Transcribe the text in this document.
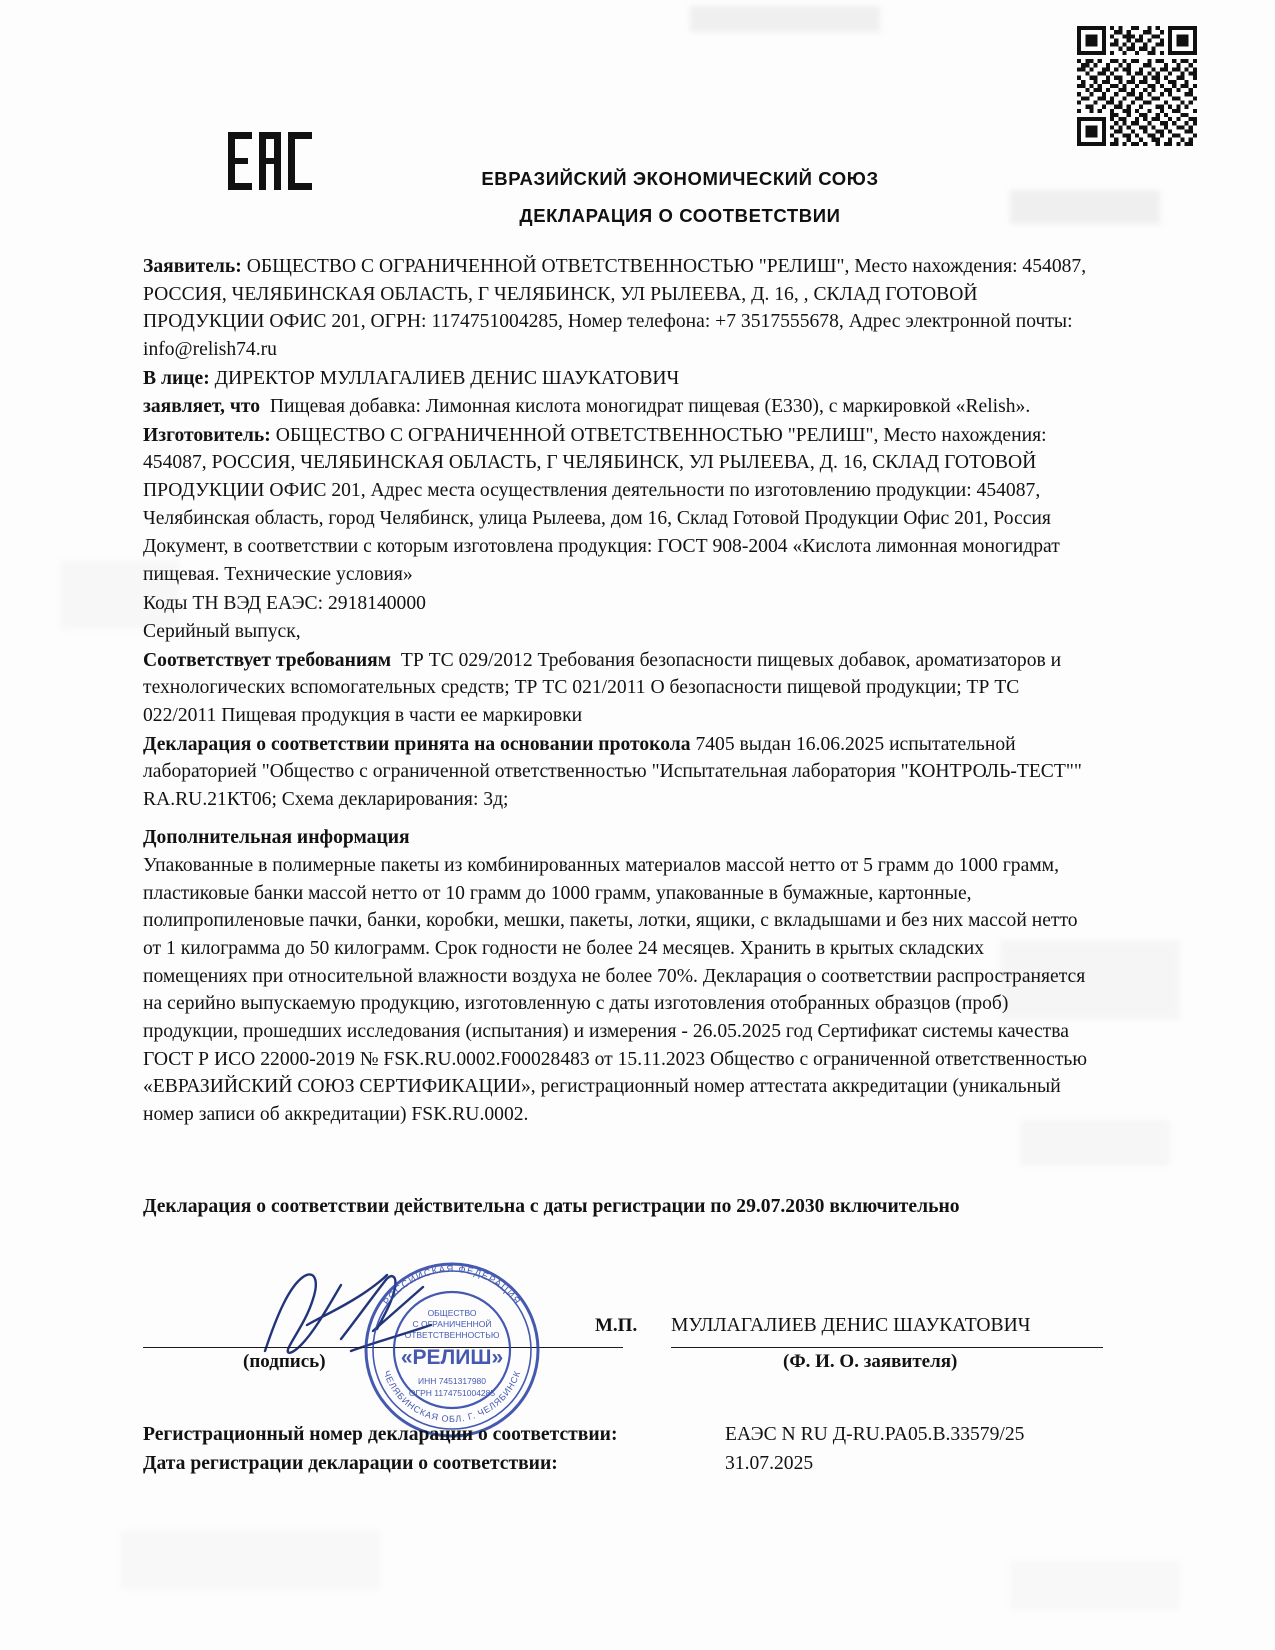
ЕВРАЗИЙСКИЙ ЭКОНОМИЧЕСКИЙ СОЮЗ
ДЕКЛАРАЦИЯ О СООТВЕТСТВИИ

Заявитель: ОБЩЕСТВО С ОГРАНИЧЕННОЙ ОТВЕТСТВЕННОСТЬЮ "РЕЛИШ", Место нахождения: 454087, РОССИЯ, ЧЕЛЯБИНСКАЯ ОБЛАСТЬ, Г ЧЕЛЯБИНСК, УЛ РЫЛЕЕВА, Д. 16, , СКЛАД ГОТОВОЙ ПРОДУКЦИИ ОФИС 201, ОГРН: 1174751004285, Номер телефона: +7 3517555678, Адрес электронной почты: info@relish74.ru

В лице: ДИРЕКТОР МУЛЛАГАЛИЕВ ДЕНИС ШАУКАТОВИЧ

заявляет, что Пищевая добавка: Лимонная кислота моногидрат пищевая (Е330), с маркировкой «Relish».

Изготовитель: ОБЩЕСТВО С ОГРАНИЧЕННОЙ ОТВЕТСТВЕННОСТЬЮ "РЕЛИШ", Место нахождения: 454087, РОССИЯ, ЧЕЛЯБИНСКАЯ ОБЛАСТЬ, Г ЧЕЛЯБИНСК, УЛ РЫЛЕЕВА, Д. 16, СКЛАД ГОТОВОЙ ПРОДУКЦИИ ОФИС 201, Адрес места осуществления деятельности по изготовлению продукции: 454087, Челябинская область, город Челябинск, улица Рылеева, дом 16, Склад Готовой Продукции Офис 201, Россия

Документ, в соответствии с которым изготовлена продукция: ГОСТ 908-2004 «Кислота лимонная моногидрат пищевая. Технические условия»

Коды ТН ВЭД ЕАЭС: 2918140000

Серийный выпуск,

Соответствует требованиям ТР ТС 029/2012 Требования безопасности пищевых добавок, ароматизаторов и технологических вспомогательных средств; ТР ТС 021/2011 О безопасности пищевой продукции; ТР ТС 022/2011 Пищевая продукция в части ее маркировки

Декларация о соответствии принята на основании протокола 7405 выдан 16.06.2025 испытательной лабораторией "Общество с ограниченной ответственностью "Испытательная лаборатория "КОНТРОЛЬ-ТЕСТ"" RA.RU.21КТ06; Схема декларирования: 3д;

Дополнительная информация

Упакованные в полимерные пакеты из комбинированных материалов массой нетто от 5 грамм до 1000 грамм, пластиковые банки массой нетто от 10 грамм до 1000 грамм, упакованные в бумажные, картонные, полипропиленовые пачки, банки, коробки, мешки, пакеты, лотки, ящики, с вкладышами и без них массой нетто от 1 килограмма до 50 килограмм. Срок годности не более 24 месяцев. Хранить в крытых складских помещениях при относительной влажности воздуха не более 70%. Декларация о соответствии распространяется на серийно выпускаемую продукцию, изготовленную с даты изготовления отобранных образцов (проб) продукции, прошедших исследования (испытания) и измерения - 26.05.2025 год Сертификат системы качества ГОСТ Р ИСО 22000-2019 № FSK.RU.0002.F00028483 от 15.11.2023 Общество с ограниченной ответственностью «ЕВРАЗИЙСКИЙ СОЮЗ СЕРТИФИКАЦИИ», регистрационный номер аттестата аккредитации (уникальный номер записи об аккредитации) FSK.RU.0002.

Декларация о соответствии действительна с даты регистрации по 29.07.2030 включительно
М.П. МУЛЛАГАЛИЕВ ДЕНИС ШАУКАТОВИЧ
(подпись)	(Ф. И. О. заявителя)
РОССИЙСКАЯ ФЕДЕРАЦИЯ
ЧЕЛЯБИНСКАЯ ОБЛ. Г. ЧЕЛЯБИНСК
ОБЩЕСТВО
С ОГРАНИЧЕННОЙ
ОТВЕТСТВЕННОСТЬЮ
«РЕЛИШ»
ИНН 7451317980
ОГРН 1174751004285
Регистрационный номер декларации о соответствии:	ЕАЭС N RU Д-RU.PA05.B.33579/25
Дата регистрации декларации о соответствии:	31.07.2025
